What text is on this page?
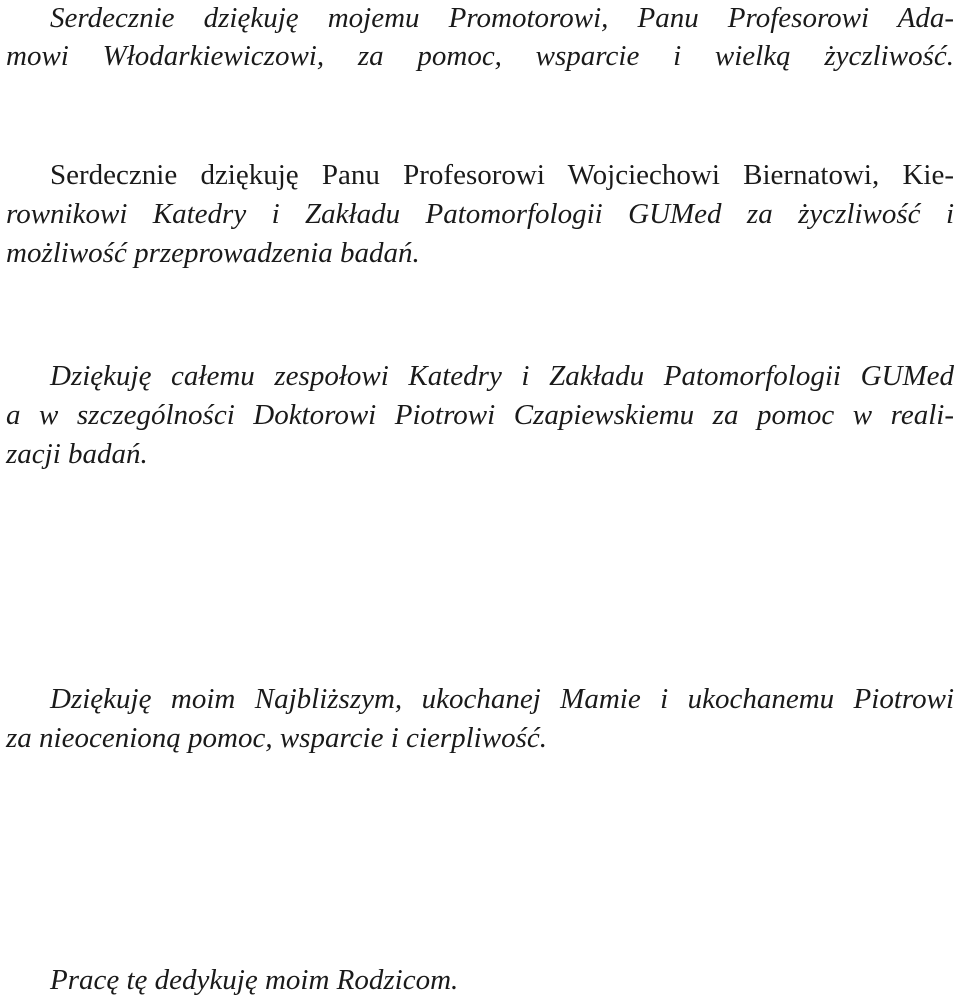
Serdecznie dziękuję mojemu Promotorowi, Panu Profesorowi Ada-
mowi Włodarkiewiczowi, za pomoc, wsparcie i wielką życzliwość.
Serdecznie dziękuję Panu Profesorowi Wojciechowi Biernatowi, Kie-
rownikowi Katedry i Zakładu Patomorfologii GUMed za życzliwość i
możliwość przeprowadzenia badań.
Dziękuję całemu zespołowi Katedry i Zakładu Patomorfologii GUMed
a w szczególności Doktorowi Piotrowi Czapiewskiemu za pomoc w reali-
zacji badań.
Dziękuję moim Najbliższym, ukochanej Mamie i ukochanemu Piotrowi
za nieocenioną pomoc, wsparcie i cierpliwość.
Pracę tę dedykuję moim Rodzicom.
